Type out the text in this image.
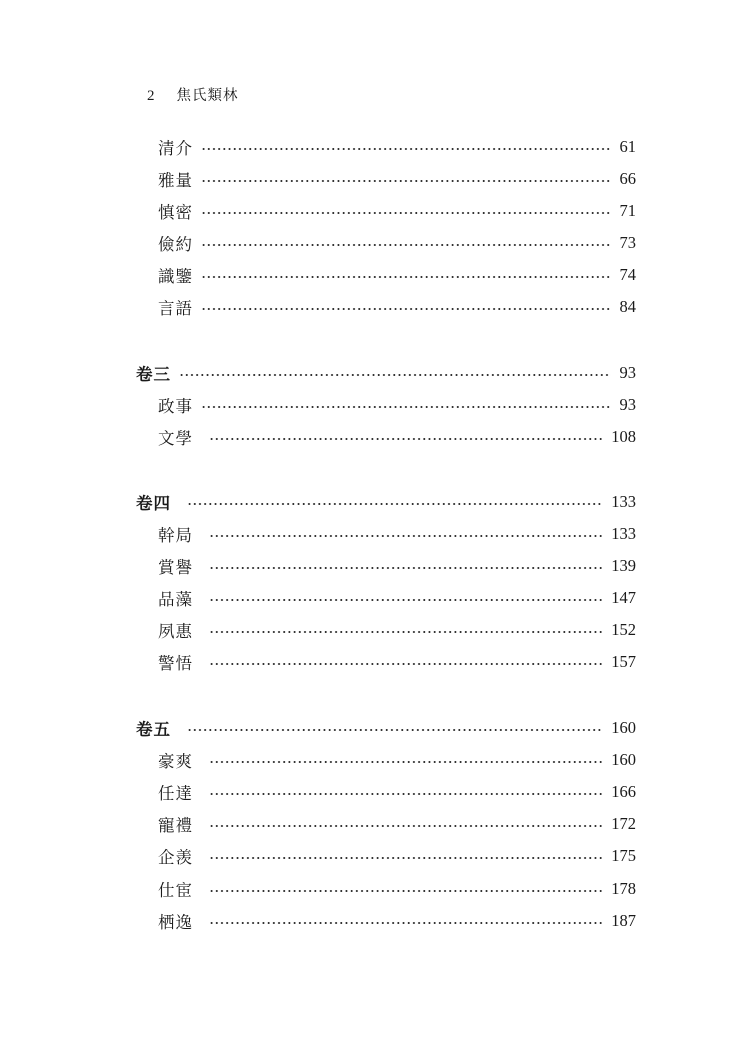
2 焦氏類林
清介	61
雅量	66
慎密	71
儉約	73
識鑒	74
言語	84
卷三	93
政事	93
文學	108
卷四	133
幹局	133
賞譽	139
品藻	147
夙惠	152
警悟	157
卷五	160
豪爽	160
任達	166
寵禮	172
企羡	175
仕宦	178
栖逸	187
